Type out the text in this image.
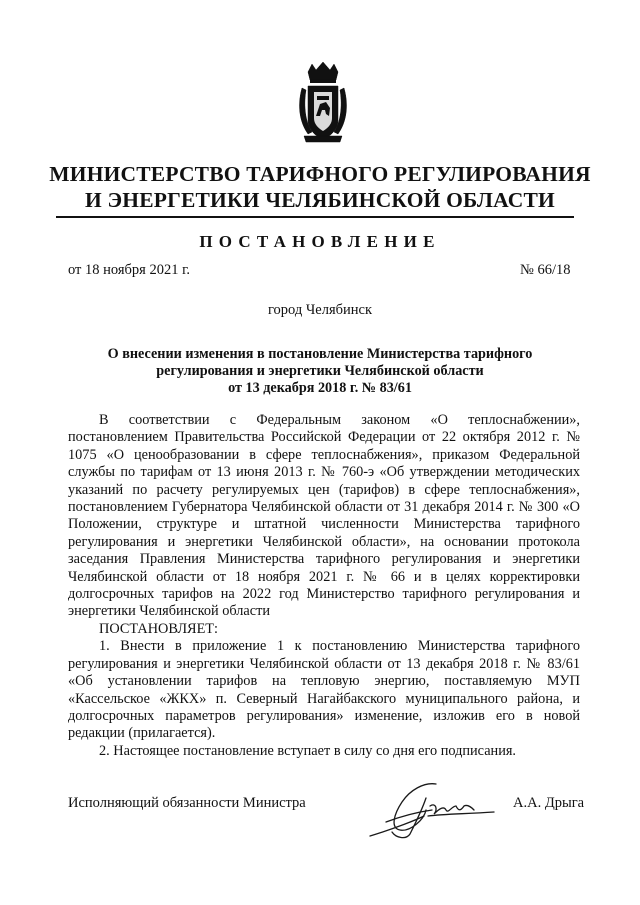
МИНИСТЕРСТВО ТАРИФНОГО РЕГУЛИРОВАНИЯ
И ЭНЕРГЕТИКИ ЧЕЛЯБИНСКОЙ ОБЛАСТИ
ПОСТАНОВЛЕНИЕ
от 18 ноября 2021 г.	№ 66/18
город Челябинск
О внесении изменения в постановление Министерства тарифного
регулирования и энергетики Челябинской области
от 13 декабря 2018 г. № 83/61

В соответствии с Федеральным законом «О теплоснабжении», постановлением Правительства Российской Федерации от 22 октября 2012 г. № 1075 «О ценообразовании в сфере теплоснабжения», приказом Федеральной службы по тарифам от 13 июня 2013 г. № 760-э «Об утверждении методических указаний по расчету регулируемых цен (тарифов) в сфере теплоснабжения», постановлением Губернатора Челябинской области от 31 декабря 2014 г. № 300 «О Положении, структуре и штатной численности Министерства тарифного регулирования и энергетики Челябинской области», на основании протокола заседания Правления Министерства тарифного регулирования и энергетики Челябинской области от 18 ноября 2021 г. № 66 и в целях корректировки долгосрочных тарифов на 2022 год Министерство тарифного регулирования и энергетики Челябинской области

ПОСТАНОВЛЯЕТ:

1. Внести в приложение 1 к постановлению Министерства тарифного регулирования и энергетики Челябинской области от 13 декабря 2018 г. № 83/61 «Об установлении тарифов на тепловую энергию, поставляемую МУП «Кассельское «ЖКХ» п. Северный Нагайбакского муниципального района, и долгосрочных параметров регулирования» изменение, изложив его в новой редакции (прилагается).

2. Настоящее постановление вступает в силу со дня его подписания.

Исполняющий обязанности Министра	А.А. Дрыга
